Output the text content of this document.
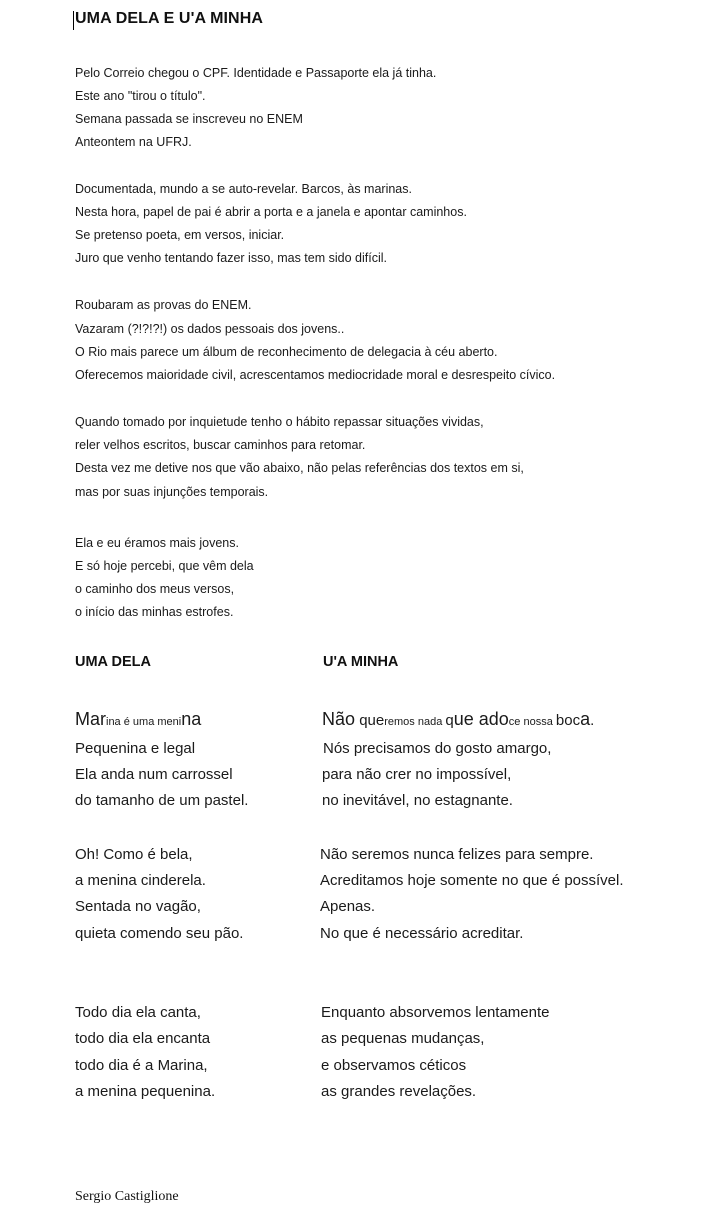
UMA DELA E U'A MINHA
Pelo Correio chegou o CPF. Identidade e Passaporte ela já tinha.
Este ano "tirou o título".
Semana passada se inscreveu no ENEM
Anteontem na UFRJ.
Documentada, mundo a se auto-revelar. Barcos, às marinas.
Nesta hora, papel de pai é abrir a porta e a janela e apontar caminhos.
Se pretenso poeta, em versos, iniciar.
Juro que venho tentando fazer isso, mas tem sido difícil.
Roubaram as provas do ENEM.
Vazaram (?!?!?!) os dados pessoais dos jovens..
O Rio mais parece um álbum de reconhecimento de delegacia à céu aberto.
Oferecemos maioridade civil, acrescentamos mediocridade moral e desrespeito cívico.
Quando tomado por inquietude tenho o hábito repassar situações vividas,
reler velhos escritos, buscar caminhos para retomar.
Desta vez me detive nos que vão abaixo, não pelas referências dos textos em si,
mas por suas injunções temporais.
Ela e eu éramos mais jovens.
E só hoje percebi, que vêm dela
o caminho dos meus versos,
o início das minhas estrofes.
UMA DELA	U'A MINHA
Marina é uma menina
Pequenina e legal
Ela anda num carrossel
do tamanho de um pastel.
Oh! Como é bela,
a menina cinderela.
Sentada no vagão,
quieta comendo seu pão.
Todo dia ela canta,
todo dia ela encanta
todo dia é a Marina,
a menina pequenina.
Não queremos nada que adoce nossa boca.
Nós precisamos do gosto amargo,
para não crer no impossível,
no inevitável, no estagnante.
Não seremos nunca felizes para sempre.
Acreditamos hoje somente no que é possível.
Apenas.
No que é necessário acreditar.
Enquanto absorvemos lentamente
as pequenas mudanças,
e observamos céticos
as grandes revelações.
Sergio Castiglione
